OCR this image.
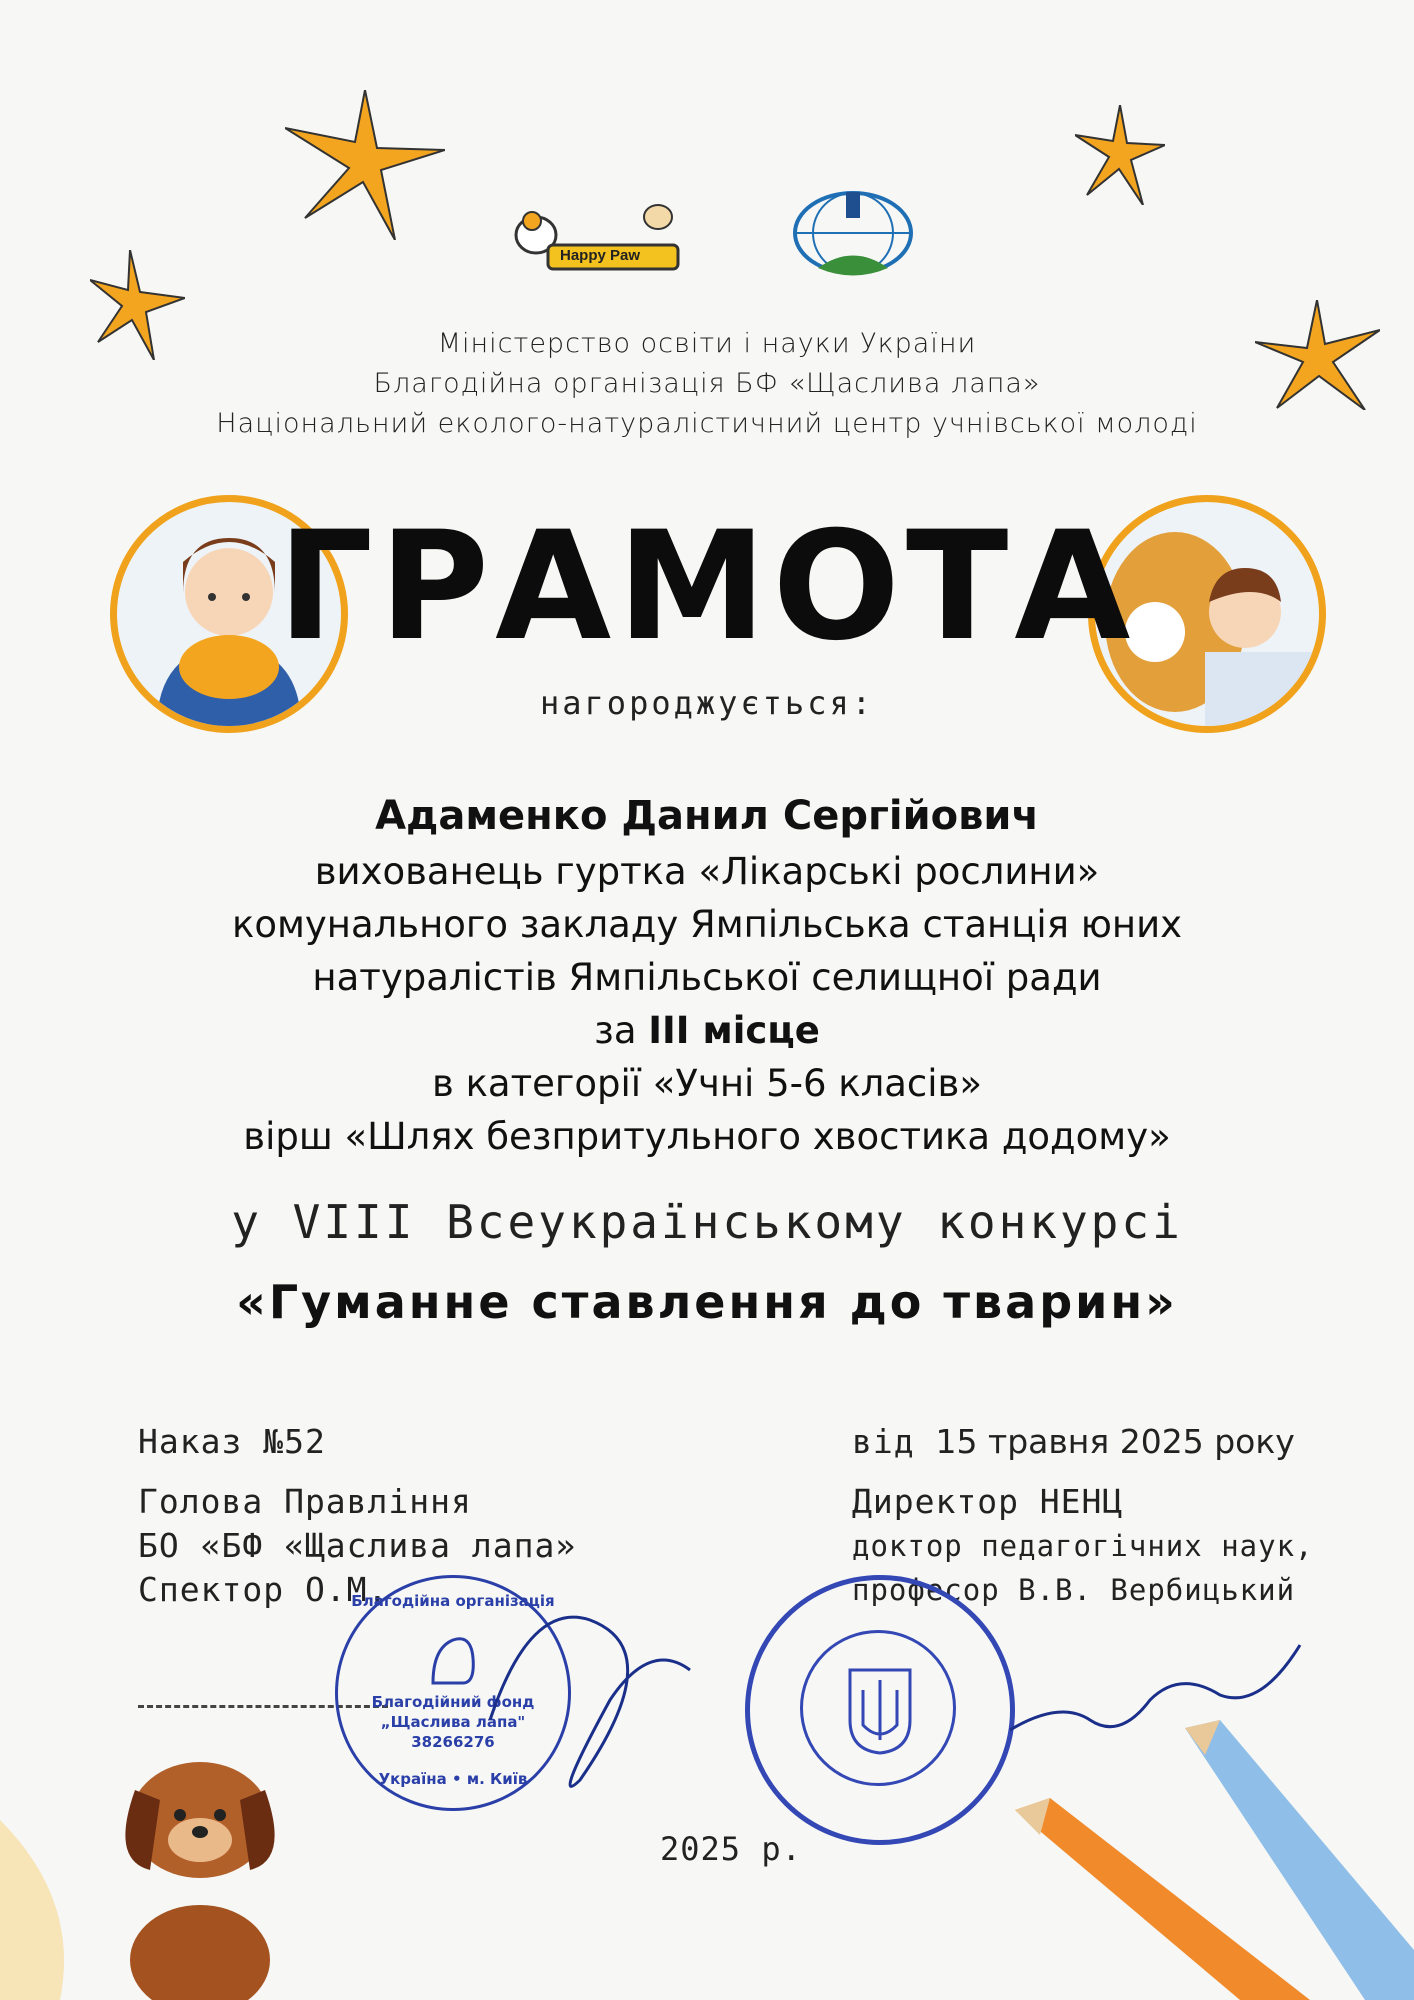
Happy Paw
Міністерство освіти і науки України
Благодійна організація БФ «Щаслива лапа»
Національний еколого-натуралістичний центр учнівської молоді
ГРАМОТА
нагороджується:
Адаменко Данил Сергійович
вихованець гуртка «Лікарські рослини»
комунального закладу Ямпільська станція юних
натуралістів Ямпільської селищної ради
за III місце
в категорії «Учні 5-6 класів»
вірш «Шлях безпритульного хвостика додому»
у VIII Всеукраїнському конкурсі
«Гуманне ставлення до тварин»
Наказ №52
Голова Правління
БО «БФ «Щаслива лапа»
Спектор О.М.
від 15 травня 2025 року
Директор НЕНЦ
доктор педагогічних наук,
професор В.В. Вербицький
Благодійна організація
Благодійний фонд
„Щаслива лапа"
38266276
Україна • м. Київ
2025 р.
